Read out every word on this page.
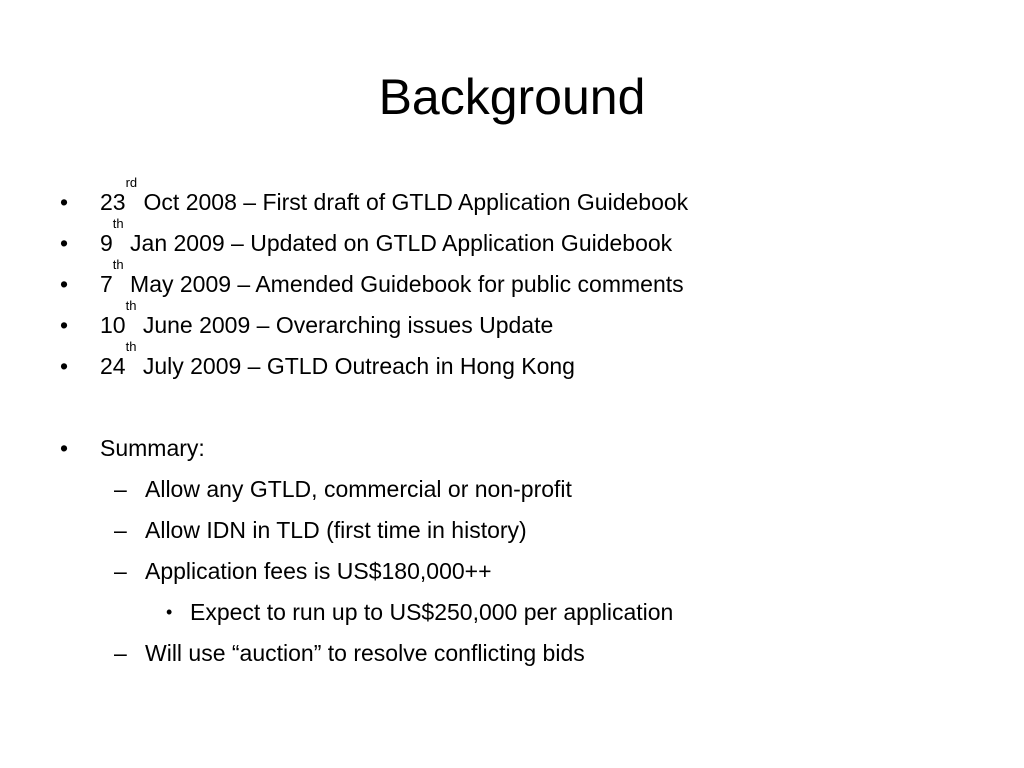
Background
• 23rd Oct 2008 – First draft of GTLD Application Guidebook
• 9th Jan 2009 – Updated on GTLD Application Guidebook
• 7th May 2009 – Amended Guidebook for public comments
• 10th June 2009 – Overarching issues Update
• 24th July 2009 – GTLD Outreach in Hong Kong
• Summary:
– Allow any GTLD, commercial or non-profit
– Allow IDN in TLD (first time in history)
– Application fees is US$180,000++
• Expect to run up to US$250,000 per application
– Will use “auction” to resolve conflicting bids
